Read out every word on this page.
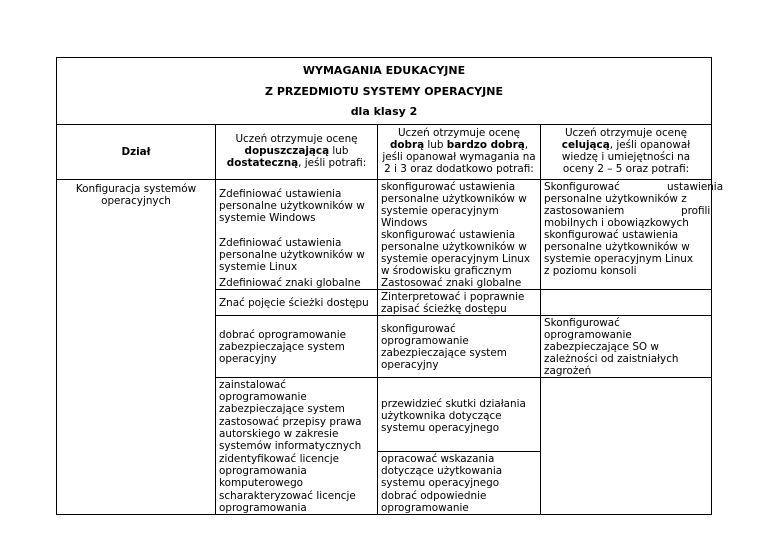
WYMAGANIA EDUKACYJNE
Z PRZEDMIOTU SYSTEMY OPERACYJNE
dla klasy 2
Dział
Uczeń otrzymuje ocenę
dopuszczającą lub
dostateczną, jeśli potrafi:
Uczeń otrzymuje ocenę
dobrą lub bardzo dobrą,
jeśli opanował wymagania na
2 i 3 oraz dodatkowo potrafi:
Uczeń otrzymuje ocenę
celującą, jeśli opanował
wiedzę i umiejętności na
oceny 2 – 5 oraz potrafi:
Konfiguracja systemów
operacyjnych
Zdefiniować ustawienia
personalne użytkowników w
systemie Windows
Zdefiniować ustawienia
personalne użytkowników w
systemie Linux
Zdefiniować znaki globalne
Znać pojęcie ścieżki dostępu
dobrać oprogramowanie
zabezpieczające system
operacyjny
zainstalować
oprogramowanie
zabezpieczające system
zastosować przepisy prawa
autorskiego w zakresie
systemów informatycznych
zidentyfikować licencje
oprogramowania
komputerowego
scharakteryzować licencje
oprogramowania
skonfigurować ustawienia
personalne użytkowników w
systemie operacyjnym
Windows
skonfigurować ustawienia
personalne użytkowników w
systemie operacyjnym Linux
w środowisku graficznym
Zastosować znaki globalne
Zinterpretować i poprawnie
zapisać ścieżkę dostępu
skonfigurować
oprogramowanie
zabezpieczające system
operacyjny
przewidzieć skutki działania
użytkownika dotyczące
systemu operacyjnego
opracować wskazania
dotyczące użytkowania
systemu operacyjnego
dobrać odpowiednie
oprogramowanie
Skonfigurować	ustawienia
personalne użytkowników z
zastosowaniem	profili
mobilnych i obowiązkowych
skonfigurować ustawienia
personalne użytkowników w
systemie operacyjnym Linux
z poziomu konsoli
Skonfigurować
oprogramowanie
zabezpieczające SO w
zależności od zaistniałych
zagrożeń
